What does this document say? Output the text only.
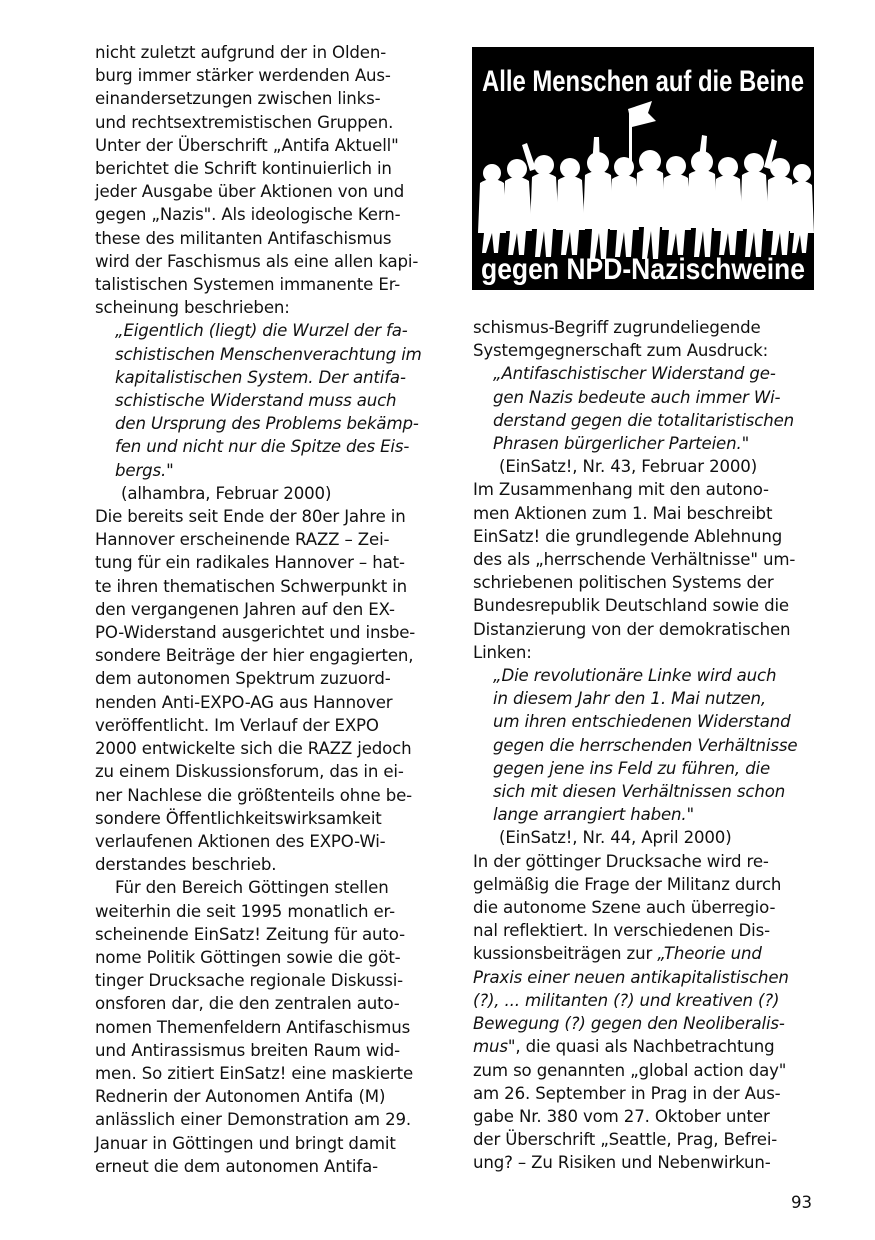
nicht zuletzt aufgrund der in Olden-
burg immer stärker werdenden Aus-
einandersetzungen zwischen links-
und rechtsextremistischen Gruppen.
Unter der Überschrift „Antifa Aktuell"
berichtet die Schrift kontinuierlich in
jeder Ausgabe über Aktionen von und
gegen „Nazis". Als ideologische Kern-
these des militanten Antifaschismus
wird der Faschismus als eine allen kapi-
talistischen Systemen immanente Er-
scheinung beschrieben:
„Eigentlich (liegt) die Wurzel der fa-
schistischen Menschenverachtung im
kapitalistischen System. Der antifa-
schistische Widerstand muss auch
den Ursprung des Problems bekämp-
fen und nicht nur die Spitze des Eis-
bergs."
(alhambra, Februar 2000)
Die bereits seit Ende der 80er Jahre in
Hannover erscheinende RAZZ – Zei-
tung für ein radikales Hannover – hat-
te ihren thematischen Schwerpunkt in
den vergangenen Jahren auf den EX-
PO-Widerstand ausgerichtet und insbe-
sondere Beiträge der hier engagierten,
dem autonomen Spektrum zuzuord-
nenden Anti-EXPO-AG aus Hannover
veröffentlicht. Im Verlauf der EXPO
2000 entwickelte sich die RAZZ jedoch
zu einem Diskussionsforum, das in ei-
ner Nachlese die größtenteils ohne be-
sondere Öffentlichkeitswirksamkeit
verlaufenen Aktionen des EXPO-Wi-
derstandes beschrieb.
Für den Bereich Göttingen stellen
weiterhin die seit 1995 monatlich er-
scheinende EinSatz! Zeitung für auto-
nome Politik Göttingen sowie die göt-
tinger Drucksache regionale Diskussi-
onsforen dar, die den zentralen auto-
nomen Themenfeldern Antifaschismus
und Antirassismus breiten Raum wid-
men. So zitiert EinSatz! eine maskierte
Rednerin der Autonomen Antifa (M)
anlässlich einer Demonstration am 29.
Januar in Göttingen und bringt damit
erneut die dem autonomen Antifa-
Alle Menschen auf die Beine
gegen NPD-Nazischweine
schismus-Begriff zugrundeliegende
Systemgegnerschaft zum Ausdruck:
„Antifaschistischer Widerstand ge-
gen Nazis bedeute auch immer Wi-
derstand gegen die totalitaristischen
Phrasen bürgerlicher Parteien."
(EinSatz!, Nr. 43, Februar 2000)
Im Zusammenhang mit den autono-
men Aktionen zum 1. Mai beschreibt
EinSatz! die grundlegende Ablehnung
des als „herrschende Verhältnisse" um-
schriebenen politischen Systems der
Bundesrepublik Deutschland sowie die
Distanzierung von der demokratischen
Linken:
„Die revolutionäre Linke wird auch
in diesem Jahr den 1. Mai nutzen,
um ihren entschiedenen Widerstand
gegen die herrschenden Verhältnisse
gegen jene ins Feld zu führen, die
sich mit diesen Verhältnissen schon
lange arrangiert haben."
(EinSatz!, Nr. 44, April 2000)
In der göttinger Drucksache wird re-
gelmäßig die Frage der Militanz durch
die autonome Szene auch überregio-
nal reflektiert. In verschiedenen Dis-
kussionsbeiträgen zur „Theorie und
Praxis einer neuen antikapitalistischen
(?), ... militanten (?) und kreativen (?)
Bewegung (?) gegen den Neoliberalis-
mus", die quasi als Nachbetrachtung
zum so genannten „global action day"
am 26. September in Prag in der Aus-
gabe Nr. 380 vom 27. Oktober unter
der Überschrift „Seattle, Prag, Befrei-
ung? – Zu Risiken und Nebenwirkun-
93
